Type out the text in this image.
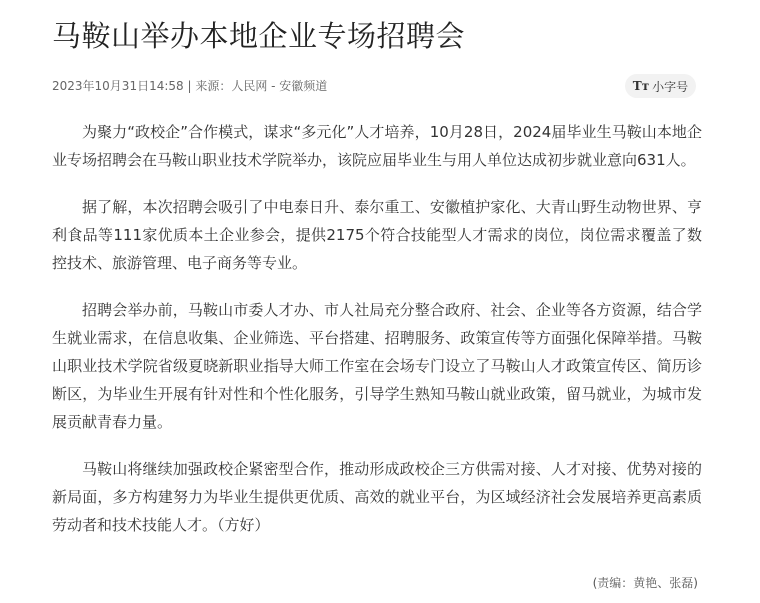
马鞍山举办本地企业专场招聘会
2023年10月31日14:58 | 来源：人民网 - 安徽频道	Tт 小字号

为聚力“政校企”合作模式，谋求“多元化”人才培养，10月28日，2024届毕业生马鞍山本地企业专场招聘会在马鞍山职业技术学院举办，该院应届毕业生与用人单位达成初步就业意向631人。

据了解，本次招聘会吸引了中电泰日升、泰尔重工、安徽植护家化、大青山野生动物世界、亨利食品等111家优质本土企业参会，提供2175个符合技能型人才需求的岗位，岗位需求覆盖了数控技术、旅游管理、电子商务等专业。

招聘会举办前，马鞍山市委人才办、市人社局充分整合政府、社会、企业等各方资源，结合学生就业需求，在信息收集、企业筛选、平台搭建、招聘服务、政策宣传等方面强化保障举措。马鞍山职业技术学院省级夏晓新职业指导大师工作室在会场专门设立了马鞍山人才政策宣传区、简历诊断区，为毕业生开展有针对性和个性化服务，引导学生熟知马鞍山就业政策，留马就业，为城市发展贡献青春力量。

马鞍山将继续加强政校企紧密型合作，推动形成政校企三方供需对接、人才对接、优势对接的新局面，多方构建努力为毕业生提供更优质、高效的就业平台，为区域经济社会发展培养更高素质劳动者和技术技能人才。（方好）

(责编：黄艳、张磊)
